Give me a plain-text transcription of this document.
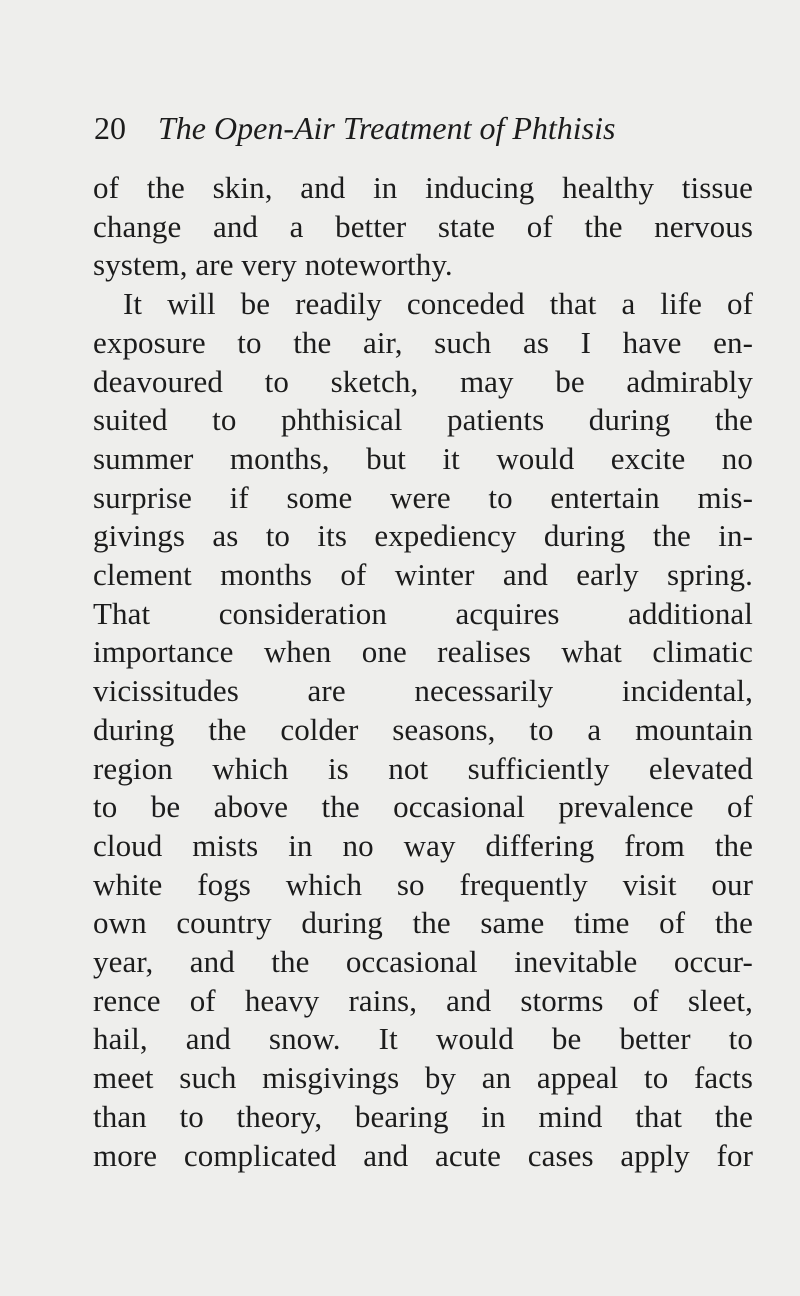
20 The Open-Air Treatment of Phthisis
of the skin, and in inducing healthy tissue
change and a better state of the nervous
system, are very noteworthy.
It will be readily conceded that a life of
exposure to the air, such as I have en-
deavoured to sketch, may be admirably
suited to phthisical patients during the
summer months, but it would excite no
surprise if some were to entertain mis-
givings as to its expediency during the in-
clement months of winter and early spring.
That consideration acquires additional
importance when one realises what climatic
vicissitudes are necessarily incidental,
during the colder seasons, to a mountain
region which is not sufficiently elevated
to be above the occasional prevalence of
cloud mists in no way differing from the
white fogs which so frequently visit our
own country during the same time of the
year, and the occasional inevitable occur-
rence of heavy rains, and storms of sleet,
hail, and snow. It would be better to
meet such misgivings by an appeal to facts
than to theory, bearing in mind that the
more complicated and acute cases apply for
